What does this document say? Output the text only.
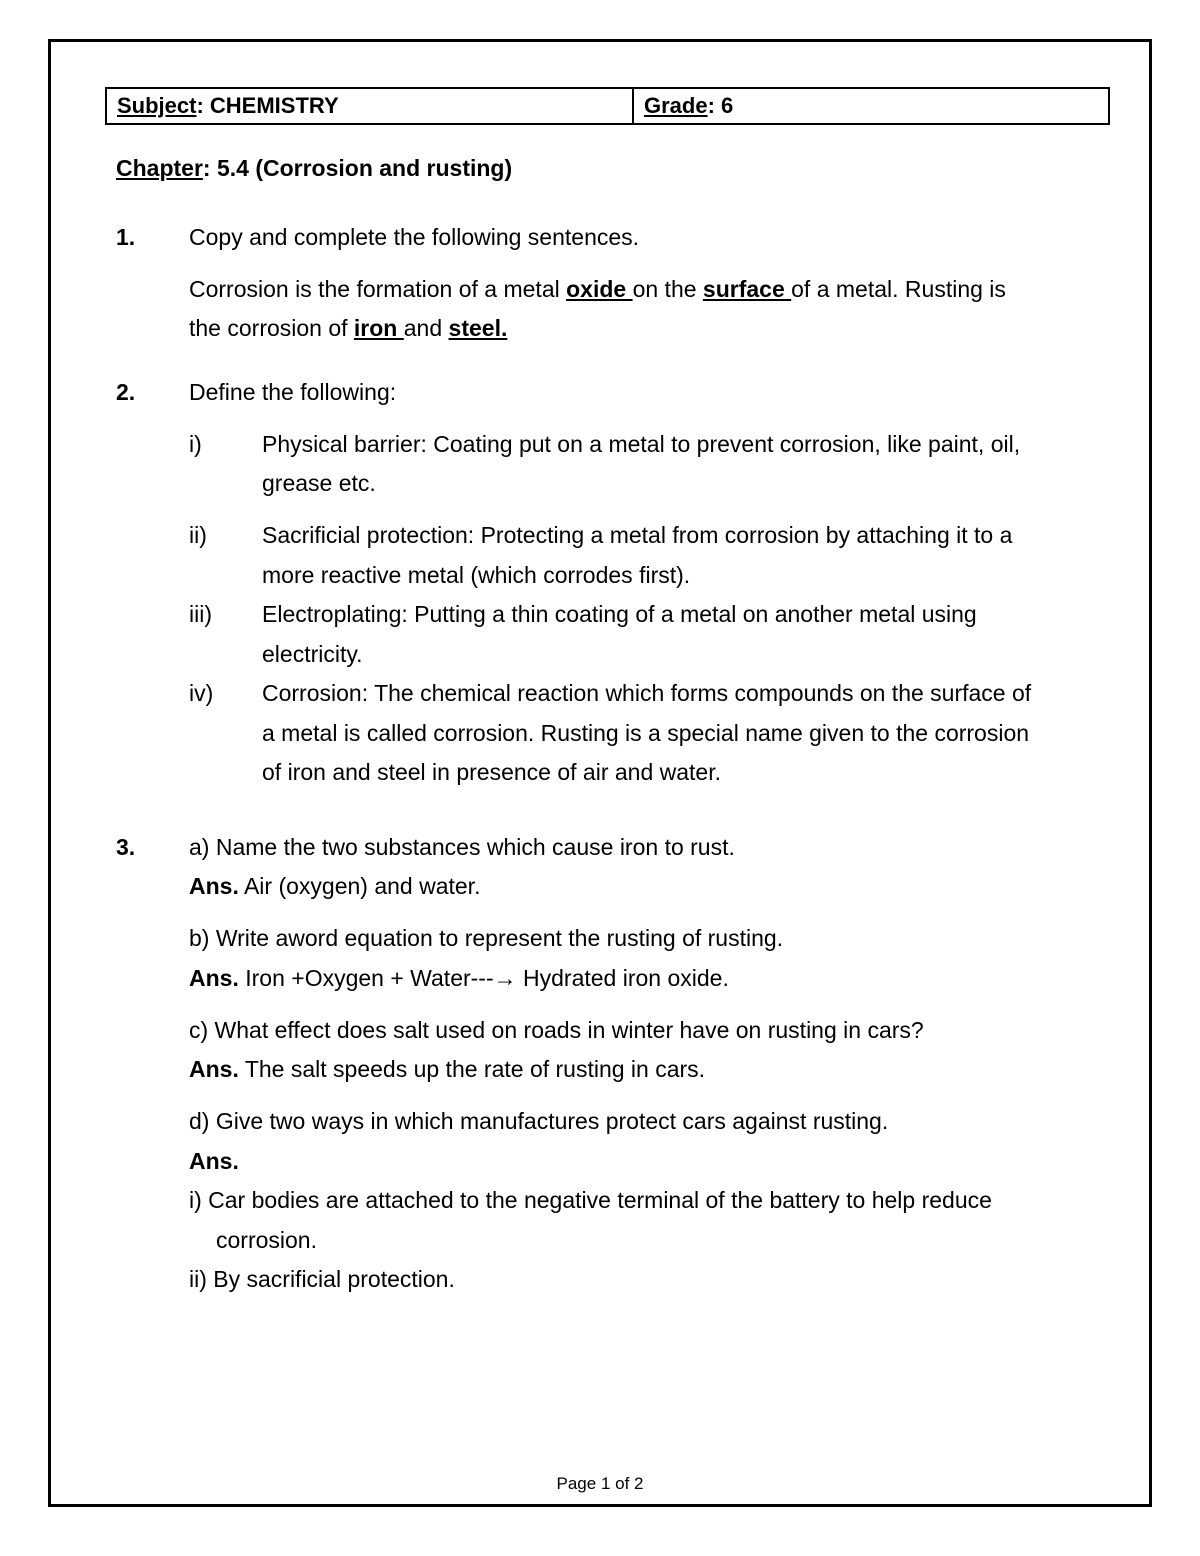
Subject: CHEMISTRY	Grade: 6
Chapter: 5.4 (Corrosion and rusting)
1. Copy and complete the following sentences.
Corrosion is the formation of a metal oxide on the surface of a metal. Rusting is
the corrosion of iron and steel.
2. Define the following:
i)	Physical barrier: Coating put on a metal to prevent corrosion, like paint, oil,
grease etc.
ii) Sacrificial protection: Protecting a metal from corrosion by attaching it to a
more reactive metal (which corrodes first).
iii) Electroplating: Putting a thin coating of a metal on another metal using
electricity.
iv) Corrosion: The chemical reaction which forms compounds on the surface of
a metal is called corrosion. Rusting is a special name given to the corrosion
of iron and steel in presence of air and water.
3. a) Name the two substances which cause iron to rust.
Ans. Air (oxygen) and water.
b) Write aword equation to represent the rusting of rusting.
Ans. Iron +Oxygen + Water---→ Hydrated iron oxide.
c) What effect does salt used on roads in winter have on rusting in cars?
Ans. The salt speeds up the rate of rusting in cars.
d) Give two ways in which manufactures protect cars against rusting.
Ans.
i) Car bodies are attached to the negative terminal of the battery to help reduce
corrosion.
ii) By sacrificial protection.
Page 1 of 2
